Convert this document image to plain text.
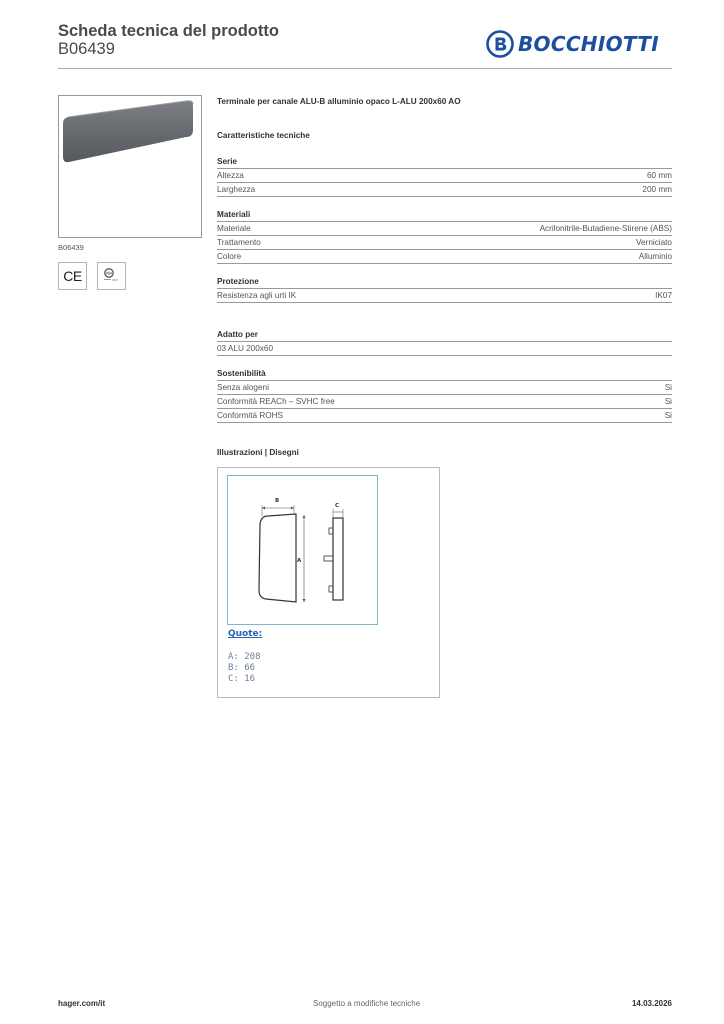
Scheda tecnica del prodotto
B06439	BOCCHIOTTI
B06439
CE	IMQ
Terminale per canale ALU-B alluminio opaco L-ALU 200x60 AO
Caratteristiche tecniche
Serie
Altezza	60 mm
Larghezza	200 mm
Materiali
Materiale	Acrilonitrile-Butadiene-Stirene (ABS)
Trattamento	Verniciato
Colore	Alluminio
Protezione
Resistenza agli urti IK	IK07
Adatto per
03 ALU 200x60
Sostenibilità
Senza alogeni	Si
Conformità REACh – SVHC free	Si
Conformità ROHS	Si
Illustrazioni | Disegni
B
A
C
Quote:
A: 208
B: 66
C: 16
hager.com/it	Soggetto a modifiche tecniche	14.03.2026
